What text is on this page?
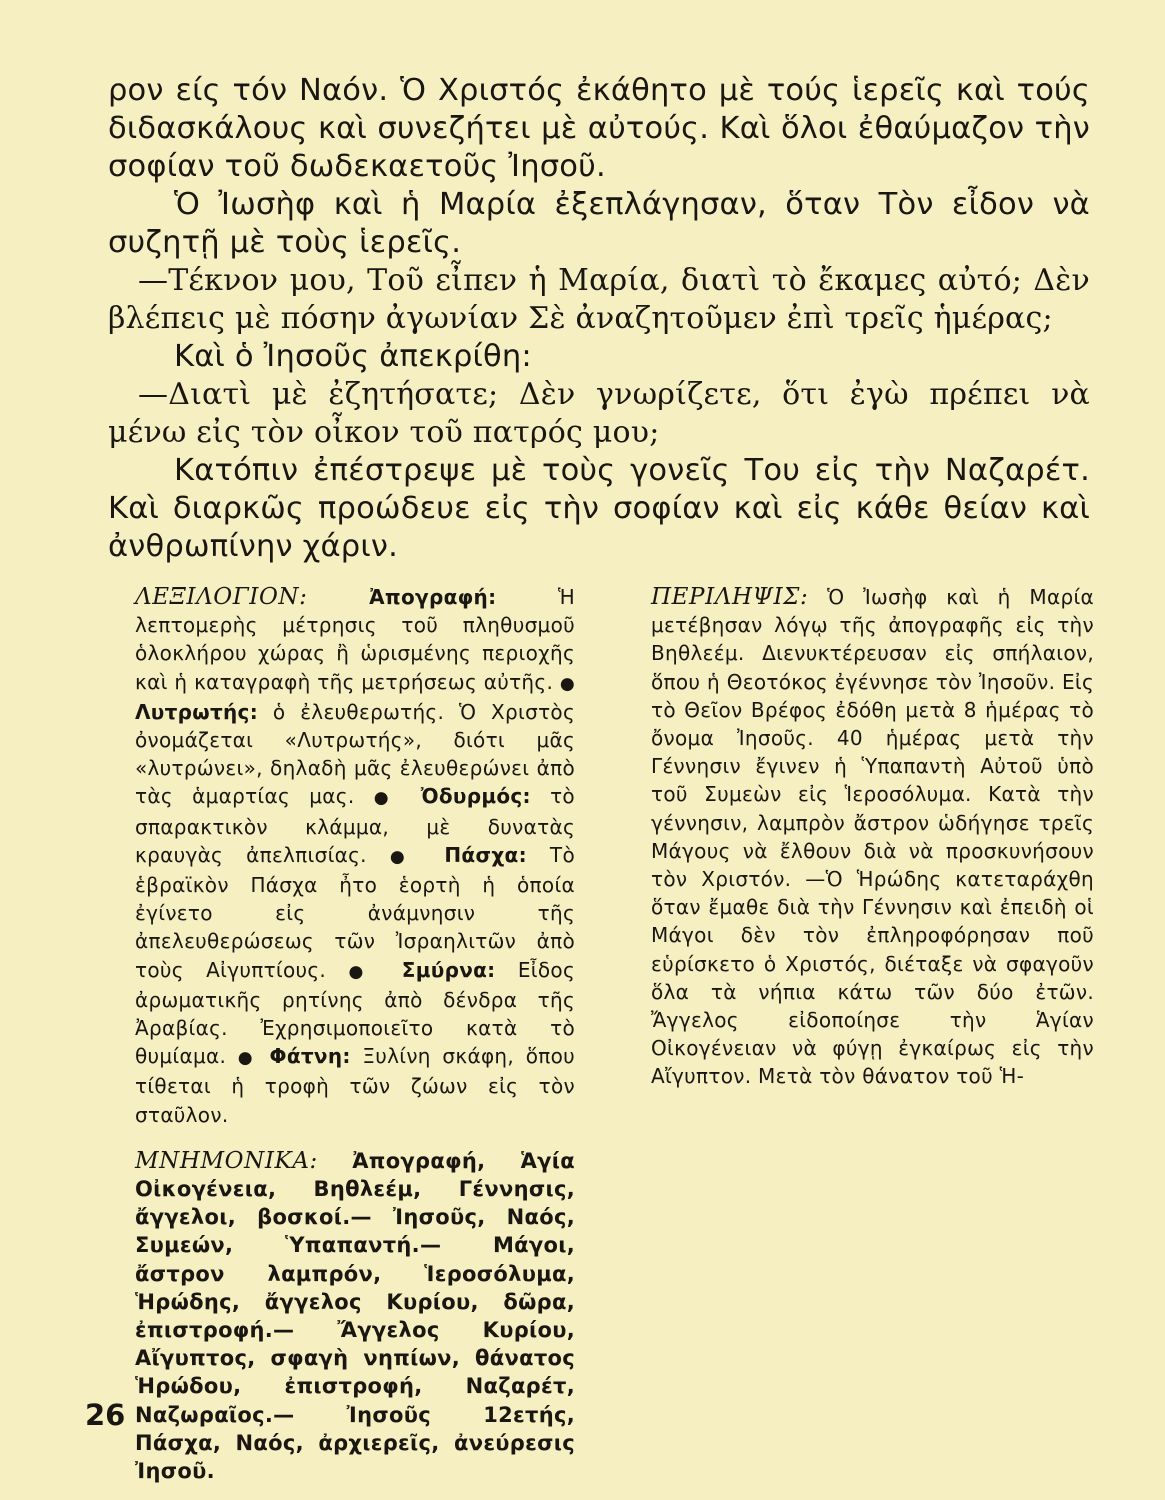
ρον είς τόν Ναόν. Ὁ Χριστός ἐκάθητο μὲ τούς ἱερεῖς καὶ τούς διδασκάλους καὶ συνεζήτει μὲ αὐτούς. Καὶ ὅλοι ἐθαύμαζον τὴν σοφίαν τοῦ δωδεκαετοῦς Ἰησοῦ.

Ὁ Ἰωσὴφ καὶ ἡ Μαρία ἐξεπλάγησαν, ὅταν Τὸν εἶδον νὰ συζητῇ μὲ τοὺς ἱερεῖς.

—Τέκνον μου, Τοῦ εἶπεν ἡ Μαρία, διατὶ τὸ ἔκαμες αὐτό; Δὲν βλέπεις μὲ πόσην ἀγωνίαν Σὲ ἀναζητοῦμεν ἐπὶ τρεῖς ἡμέρας;

Καὶ ὁ Ἰησοῦς ἀπεκρίθη:

—Διατὶ μὲ ἐζητήσατε; Δὲν γνωρίζετε, ὅτι ἐγὼ πρέπει νὰ μένω εἰς τὸν οἶκον τοῦ πατρός μου;

Κατόπιν ἐπέστρεψε μὲ τοὺς γονεῖς Του εἰς τὴν Ναζαρέτ. Καὶ διαρκῶς προώδευε εἰς τὴν σοφίαν καὶ εἰς κάθε θείαν καὶ ἀνθρωπίνην χάριν.

ΛΕΞΙΛΟΓΙΟΝ:	Ἀπογραφή:	Ἡ λεπτομερὴς μέτρησις τοῦ πληθυσμοῦ ὁλοκλήρου χώρας ἢ ὡρισμένης περιοχῆς καὶ ἡ καταγραφὴ τῆς μετρήσεως αὐτῆς. ● Λυτρωτής: ὁ ἐλευθερωτής. Ὁ Χριστὸς ὀνομάζεται «Λυτρωτής», διότι μᾶς «λυτρώνει», δηλαδὴ μᾶς ἐλευθερώνει ἀπὸ τὰς ἁμαρτίας μας. ● Ὀδυρμός: τὸ σπαρακτικὸν κλάμμα, μὲ δυνατὰς κραυγὰς ἀπελπισίας. ● Πάσχα: Τὸ ἑβραϊκὸν Πάσχα ἦτο ἑορτὴ ἡ ὁποία ἐγίνετο εἰς ἀνάμνησιν τῆς ἀπελευθερώσεως τῶν Ἰσραηλιτῶν ἀπὸ τοὺς Αἰγυπτίους. ● Σμύρνα: Εἶδος ἀρωματικῆς ρητίνης ἀπὸ δένδρα τῆς Ἀραβίας. Ἐχρησιμοποιεῖτο κατὰ τὸ θυμίαμα. ● Φάτνη: Ξυλίνη σκάφη, ὅπου τίθεται ἡ τροφὴ τῶν ζώων εἰς τὸν σταῦλον.

ΜΝΗΜΟΝΙΚΑ: Ἀπογραφή, Ἁγία Οἰκογένεια, Βηθλεέμ, Γέννησις, ἄγγελοι, βοσκοί.— Ἰησοῦς, Ναός, Συμεών, Ὑπαπαντή.— Μάγοι, ἄστρον λαμπρόν, Ἱεροσόλυμα, Ἡρώδης, ἄγγελος Κυρίου, δῶρα, ἐπιστροφή.— Ἄγγελος Κυρίου, Αἴγυπτος, σφαγὴ νηπίων, θάνατος Ἡρώδου, ἐπιστροφή, Ναζαρέτ, Ναζωραῖος.— Ἰησοῦς 12ετής, Πάσχα, Ναός, ἀρχιερεῖς, ἀνεύρεσις Ἰησοῦ.

ΠΕΡΙΛΗΨΙΣ: Ὁ Ἰωσὴφ καὶ ἡ Μαρία μετέβησαν λόγῳ τῆς ἀπογραφῆς εἰς τὴν Βηθλεέμ. Διενυκτέρευσαν εἰς σπήλαιον, ὅπου ἡ Θεοτόκος ἐγέννησε τὸν Ἰησοῦν. Εἰς τὸ Θεῖον Βρέφος ἐδόθη μετὰ 8 ἡμέρας τὸ ὄνομα Ἰησοῦς. 40 ἡμέρας μετὰ τὴν Γέννησιν ἔγινεν ἡ Ὑπαπαντὴ Αὐτοῦ ὑπὸ τοῦ Συμεὼν εἰς Ἱεροσόλυμα. Κατὰ τὴν γέννησιν, λαμπρὸν ἄστρον ὡδήγησε τρεῖς Μάγους νὰ ἔλθουν διὰ νὰ προσκυνήσουν τὸν Χριστόν. —Ὁ Ἡρώδης κατεταράχθη ὅταν ἔμαθε διὰ τὴν Γέννησιν καὶ ἐπειδὴ οἱ Μάγοι δὲν τὸν ἐπληροφόρησαν ποῦ εὑρίσκετο ὁ Χριστός, διέταξε νὰ σφαγοῦν ὅλα τὰ νήπια κάτω τῶν δύο ἐτῶν. Ἄγγελος εἰδοποίησε τὴν Ἁγίαν Οἰκογένειαν νὰ φύγῃ ἐγκαίρως εἰς τὴν Αἴγυπτον. Μετὰ τὸν θάνατον τοῦ Ἡ-

26
